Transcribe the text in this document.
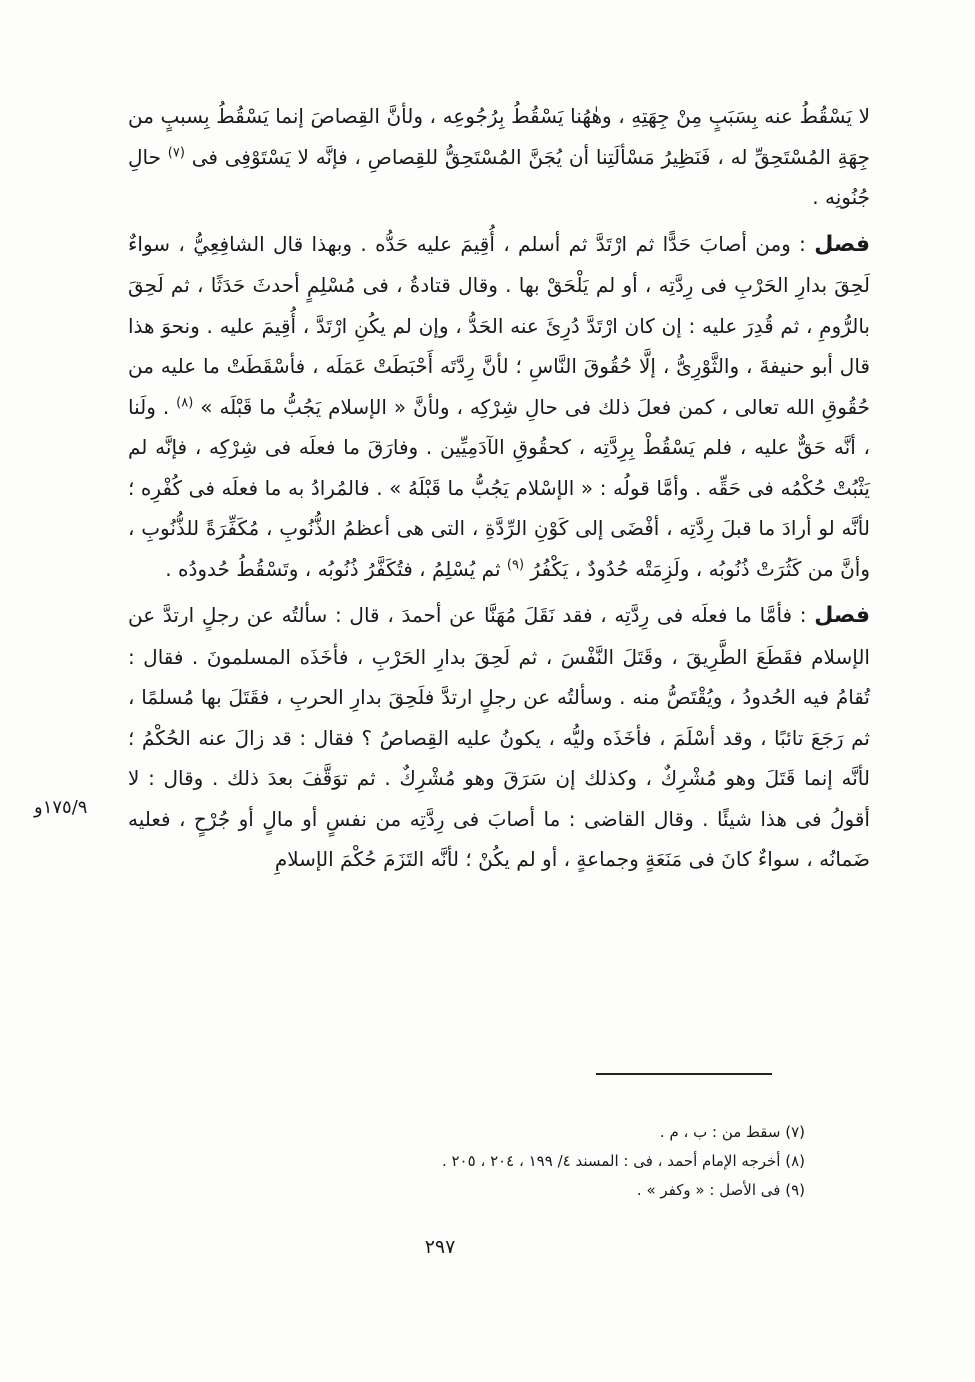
لا يَسْقُطُ عنه بِسَبَبٍ مِنْ جِهَتِهِ ، وهٰهُنا يَسْقُطُ بِرُجُوعِه ، ولأنَّ القِصاصَ إنما يَسْقُطُ بِسببٍ من جِهَةِ المُسْتَحِقِّ له ، فَنَظِيرُ مَسْألَتِنا أن يُجَنَّ المُسْتَحِقُّ للقِصاصِ ، فإنَّه لا يَسْتَوْفِى فى $^{(٧)}$ حالِ جُنُونِه .

فصل : ومن أصابَ حَدًّا ثم ارْتَدَّ ثم أسلم ، أُقِيمَ عليه حَدُّه . وبهذا قال الشافِعِيُّ ، سواءٌ لَحِقَ بدارِ الحَرْبِ فى رِدَّتِه ، أو لم يَلْحَقْ بها . وقال قتادةُ ، فى مُسْلِمٍ أحدثَ حَدَثًا ، ثم لَحِقَ بالرُّومِ ، ثم قُدِرَ عليه : إن كان ارْتَدَّ دُرِئَ عنه الحَدُّ ، وإن لم يكُنِ ارْتَدَّ ، أُقِيمَ عليه . ونحوَ هذا قال أبو حنيفةَ ، والثَّوْرِىُّ ، إلَّا حُقُوقَ النَّاسِ ؛ لأنَّ رِدَّتَه أَحْبَطَتْ عَمَلَه ، فأسْقَطَتْ ما عليه من حُقُوقِ الله تعالى ، كمن فعلَ ذلك فى حالِ شِرْكِه ، ولأنَّ « الإسلام يَجُبُّ ما قَبْلَه » $^{(٨)}$ . ولَنا ، أنَّه حَقٌّ عليه ، فلم يَسْقُطْ بِرِدَّتِه ، كحقُوقِ الآدَمِيِّين . وفارَقَ ما فعلَه فى شِرْكِه ، فإنَّه لم يَثْبُتْ حُكْمُه فى حَقِّه . وأمَّا قولُه : « الإسْلام يَجُبُّ ما قَبْلَهُ » . فالمُرادُ به ما فعلَه فى كُفْرِه ؛ لأنَّه لو أرادَ ما قبلَ رِدَّتِه ، أفْضَى إلى كَوْنِ الرِّدَّةِ ، التى هى أعظمُ الذُّنُوبِ ، مُكَفِّرَةً للذُّنُوبِ ، وأنَّ من كَثُرَتْ ذُنُوبُه ، ولَزِمَتْه حُدُودٌ ، يَكْفُرُ $^{(٩)}$ ثم يُسْلِمُ ، فتُكَفَّرُ ذُنُوبُه ، وتَسْقُطُ حُدودُه .

فصل : فأمَّا ما فعلَه فى رِدَّتِه ، فقد نَقَلَ مُهَنَّا عن أحمدَ ، قال : سألتُه عن رجلٍ ارتدَّ عن الإسلام فقَطَعَ الطَّرِيقَ ، وقَتَلَ النَّفْسَ ، ثم لَحِقَ بدارِ الحَرْبِ ، فأخَذَه المسلمونَ . فقال : تُقامُ فيه الحُدودُ ، ويُقْتَصُّ منه . وسألتُه عن رجلٍ ارتدَّ فلَحِقَ بدارِ الحربِ ، فقَتَلَ بها مُسلمًا ، ثم رَجَعَ تائبًا ، وقد أسْلَمَ ، فأخَذَه وليُّه ، يكونُ عليه القِصاصُ ؟ فقال : قد زالَ عنه الحُكْمُ ؛ لأنَّه إنما قَتَلَ وهو مُشْرِكٌ ، وكذلك إن سَرَقَ وهو مُشْرِكٌ . ثم توَقَّفَ بعدَ ذلك . وقال : لا أقولُ فى هذا شيئًا . وقال القاضى : ما أصابَ فى رِدَّتِه من نفسٍ أو مالٍ أو جُرْحٍ ، فعليه ضَمانُه ، سواءٌ كانَ فى مَنَعَةٍ وجماعةٍ ، أو لم يكُنْ ؛ لأنَّه التَزَمَ حُكْمَ الإسلامِ

١٧٥/٩و

(٧) سقط من : ب ، م .

(٨) أخرجه الإمام أحمد ، فى : المسند ٤/ ١٩٩ ، ٢٠٤ ، ٢٠٥ .

(٩) فى الأصل : « وكفر » .

٢٩٧
